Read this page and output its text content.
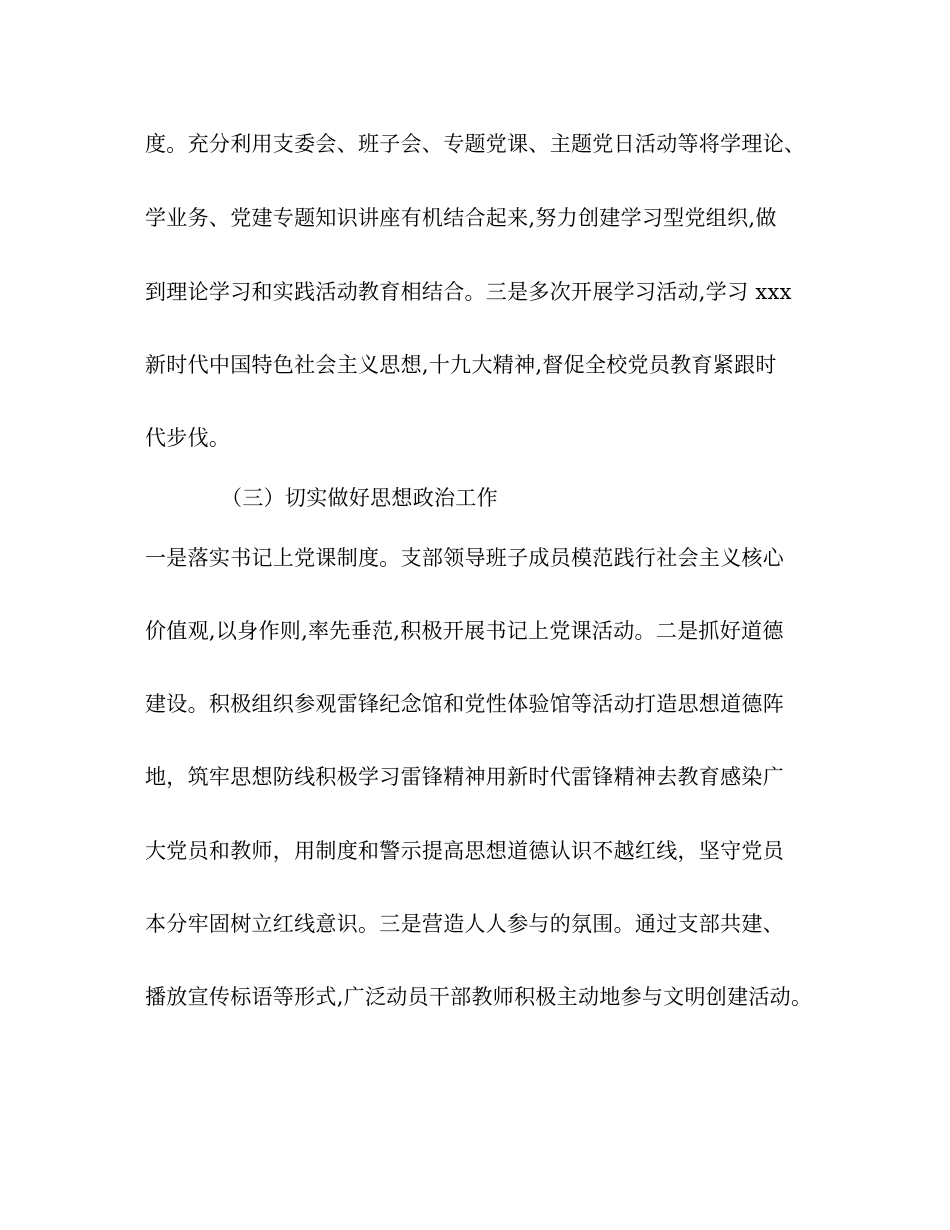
度。充分利用支委会、班子会、专题党课、主题党日活动等将学理论、
学业务、党建专题知识讲座有机结合起来,努力创建学习型党组织,做
到理论学习和实践活动教育相结合。三是多次开展学习活动,学习 xxx
新时代中国特色社会主义思想,十九大精神,督促全校党员教育紧跟时
代步伐。
（三）切实做好思想政治工作
一是落实书记上党课制度。支部领导班子成员模范践行社会主义核心
价值观,以身作则,率先垂范,积极开展书记上党课活动。二是抓好道德
建设。积极组织参观雷锋纪念馆和党性体验馆等活动打造思想道德阵
地，筑牢思想防线积极学习雷锋精神用新时代雷锋精神去教育感染广
大党员和教师，用制度和警示提高思想道德认识不越红线，坚守党员
本分牢固树立红线意识。三是营造人人参与的氛围。通过支部共建、
播放宣传标语等形式,广泛动员干部教师积极主动地参与文明创建活动。
